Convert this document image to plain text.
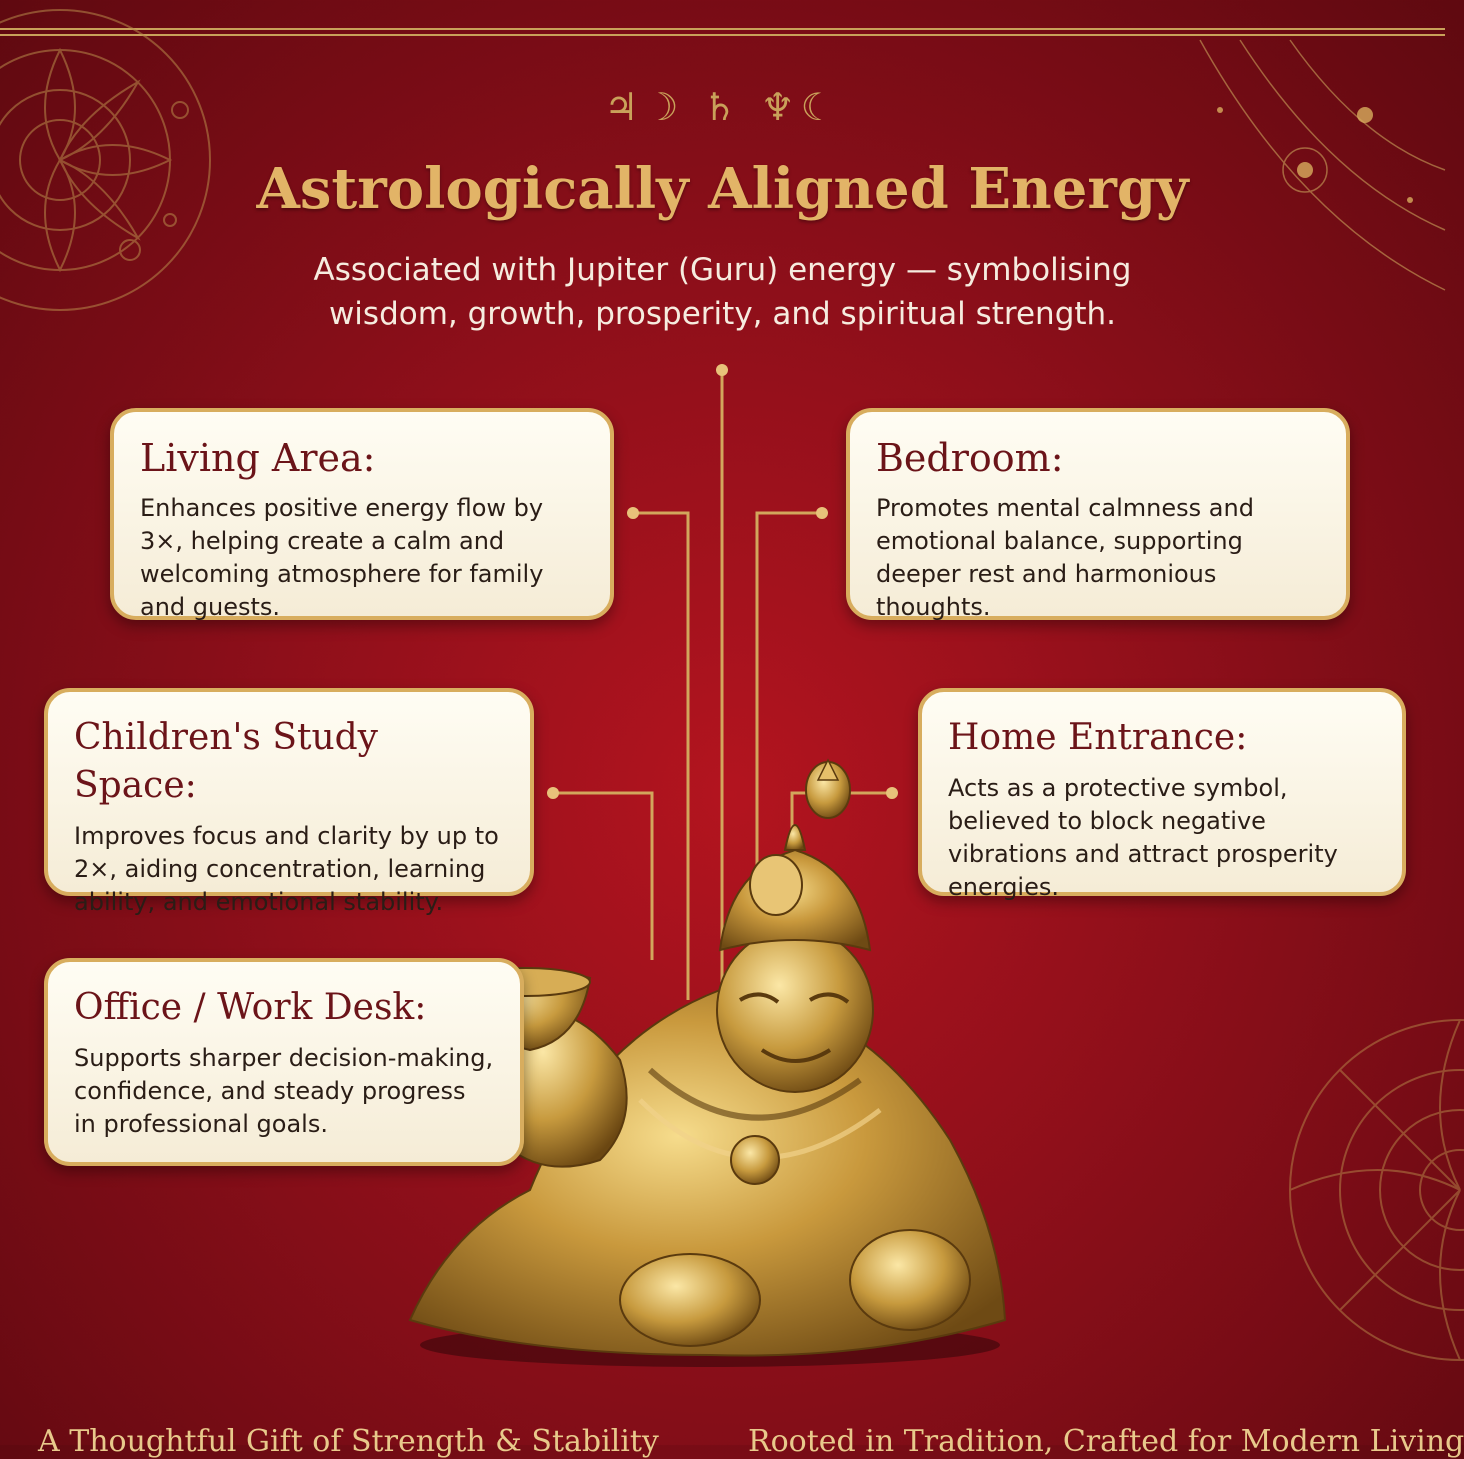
♃☽ ♄ ♆☾
Astrologically Aligned Energy
Associated with Jupiter (Guru) energy — symbolising wisdom, growth, prosperity, and spiritual strength.
Living Area:

Enhances positive energy flow by 3×, helping create a calm and welcoming atmosphere for family and guests.

Bedroom:

Promotes mental calmness and emotional balance, supporting deeper rest and harmonious thoughts.

Children's Study Space:

Improves focus and clarity by up to 2×, aiding concentration, learning ability, and emotional stability.

Home Entrance:

Acts as a protective symbol, believed to block negative vibrations and attract prosperity energies.

Office / Work Desk:

Supports sharper decision-making, confidence, and steady progress in professional goals.

A Thoughtful Gift of Strength & Stability	Rooted in Tradition, Crafted for Modern Living
